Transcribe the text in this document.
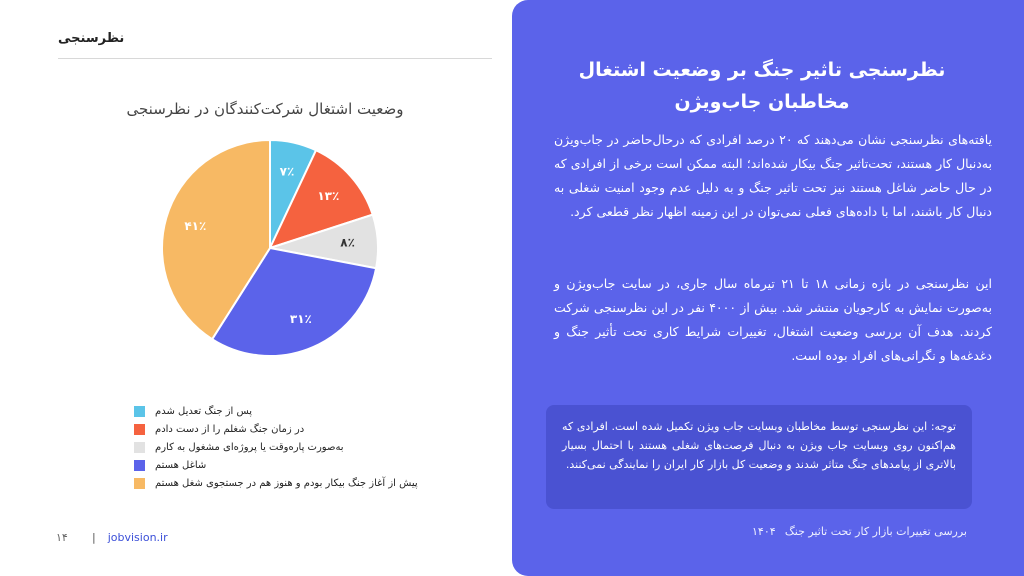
نظرسنجی
وضعیت اشتغال شرکت‌کنندگان در نظرسنجی
۷٪
۱۳٪
۸٪
۳۱٪
۴۱٪
پس از جنگ تعدیل شدم
در زمان جنگ شغلم را از دست دادم
به‌صورت پاره‌وقت یا پروژه‌ای مشغول به کارم
شاغل هستم
پیش از آغاز جنگ بیکار بودم و هنوز هم در جستجوی شغل هستم
۱۴	| jobvision.ir
نظرسنجی تاثیر جنگ بر وضعیت اشتغال مخاطبان جاب‌ویژن
یافته‌های نظرسنجی نشان می‌دهند که ۲۰ درصد افرادی که درحال‌حاضر در جاب‌ویژن به‌دنبال کار هستند، تحت‌تاثیر جنگ بیکار شده‌اند؛ البته ممکن است برخی از افرادی که در حال حاضر شاغل هستند نیز تحت تاثیر جنگ و به دلیل عدم وجود امنیت شغلی به دنبال کار باشند، اما با داده‌های فعلی نمی‌توان در این زمینه اظهار نظر قطعی کرد.
این نظرسنجی در بازه زمانی ۱۸ تا ۲۱ تیرماه سال جاری، در سایت جاب‌ویژن و به‌صورت نمایش به کارجویان منتشر شد. بیش از ۴۰۰۰ نفر در این نظرسنجی شرکت کردند. هدف آن بررسی وضعیت اشتغال، تغییرات شرایط کاری تحت تأثیر جنگ و دغدغه‌ها و نگرانی‌های افراد بوده است.
توجه: این نظرسنجی توسط مخاطبان وبسایت جاب ویژن تکمیل شده است. افرادی که هم‌اکنون روی وبسایت جاب ویژن به دنبال فرصت‌های شغلی هستند با احتمال بسیار بالاتری از پیامدهای جنگ متاثر شدند و وضعیت کل بازار کار ایران را نمایندگی نمی‌کنند.
بررسی تغییرات بازار کار تحت تاثیر جنگ
۱۴۰۴
